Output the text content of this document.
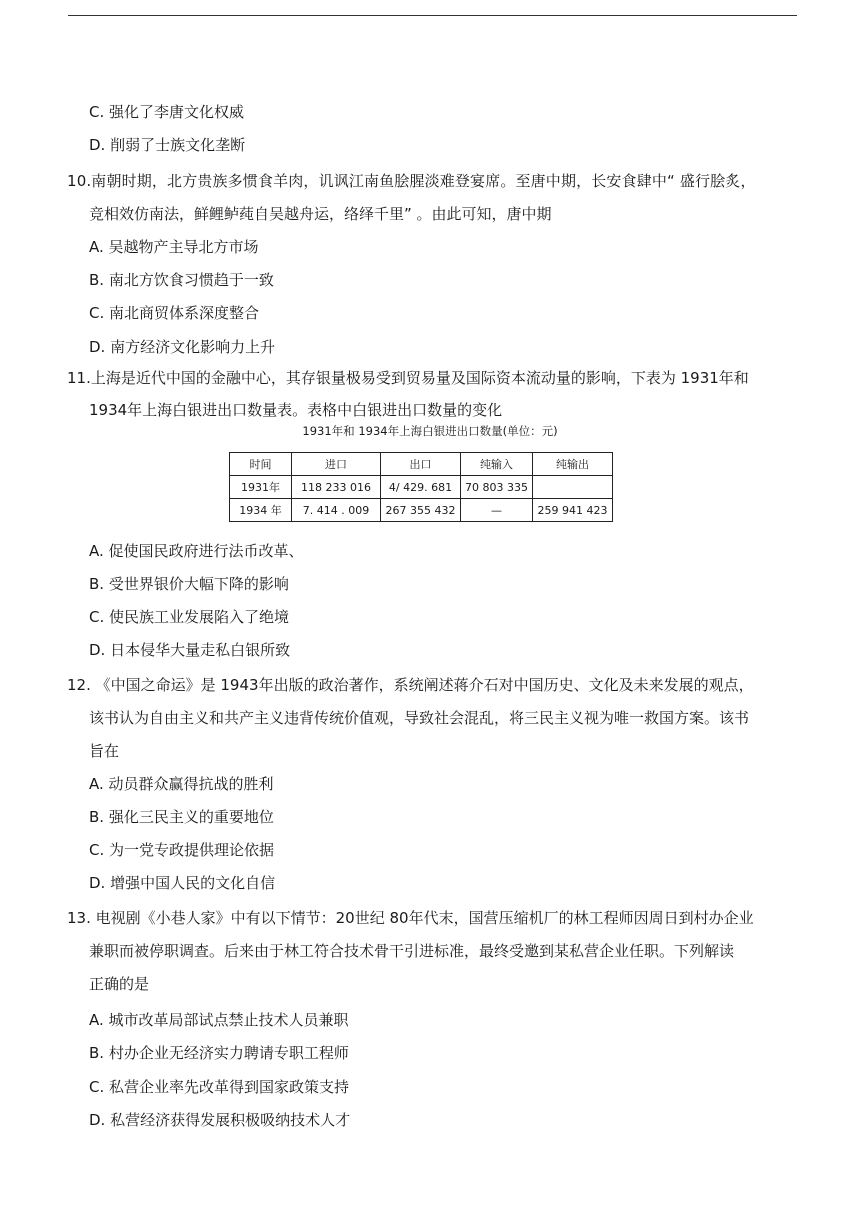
C. 强化了李唐文化权威
D. 削弱了士族文化垄断
10.南朝时期，北方贵族多惯食羊肉，讥讽江南鱼脍腥淡难登宴席。至唐中期，长安食肆中“ 盛行脍炙，
竞相效仿南法，鲜鲤鲈莼自吴越舟运，络绎千里” 。由此可知，唐中期
A. 吴越物产主导北方市场
B. 南北方饮食习惯趋于一致
C. 南北商贸体系深度整合
D. 南方经济文化影响力上升
11.上海是近代中国的金融中心，其存银量极易受到贸易量及国际资本流动量的影响，下表为 1931年和
1934年上海白银进出口数量表。表格中白银进出口数量的变化
1931年和 1934年上海白银进出口数量(单位：元)
时间	进口	出口	纯输入	纯输出
1931年	118 233 016	4/ 429. 681	70 803 335	
1934 年	7. 414 . 009	267 355 432	—	259 941 423
A. 促使国民政府进行法币改革、
B. 受世界银价大幅下降的影响
C. 使民族工业发展陷入了绝境
D. 日本侵华大量走私白银所致
12. 《中国之命运》是 1943年出版的政治著作，系统阐述蒋介石对中国历史、文化及未来发展的观点，
该书认为自由主义和共产主义违背传统价值观，导致社会混乱，将三民主义视为唯一救国方案。该书
旨在
A. 动员群众赢得抗战的胜利
B. 强化三民主义的重要地位
C. 为一党专政提供理论依据
D. 增强中国人民的文化自信
13. 电视剧《小巷人家》中有以下情节：20世纪 80年代末，国营压缩机厂的林工程师因周日到村办企业
兼职而被停职调查。后来由于林工符合技术骨干引进标准，最终受邀到某私营企业任职。下列解读
正确的是
A. 城市改革局部试点禁止技术人员兼职
B. 村办企业无经济实力聘请专职工程师
C. 私营企业率先改革得到国家政策支持
D. 私营经济获得发展积极吸纳技术人才
